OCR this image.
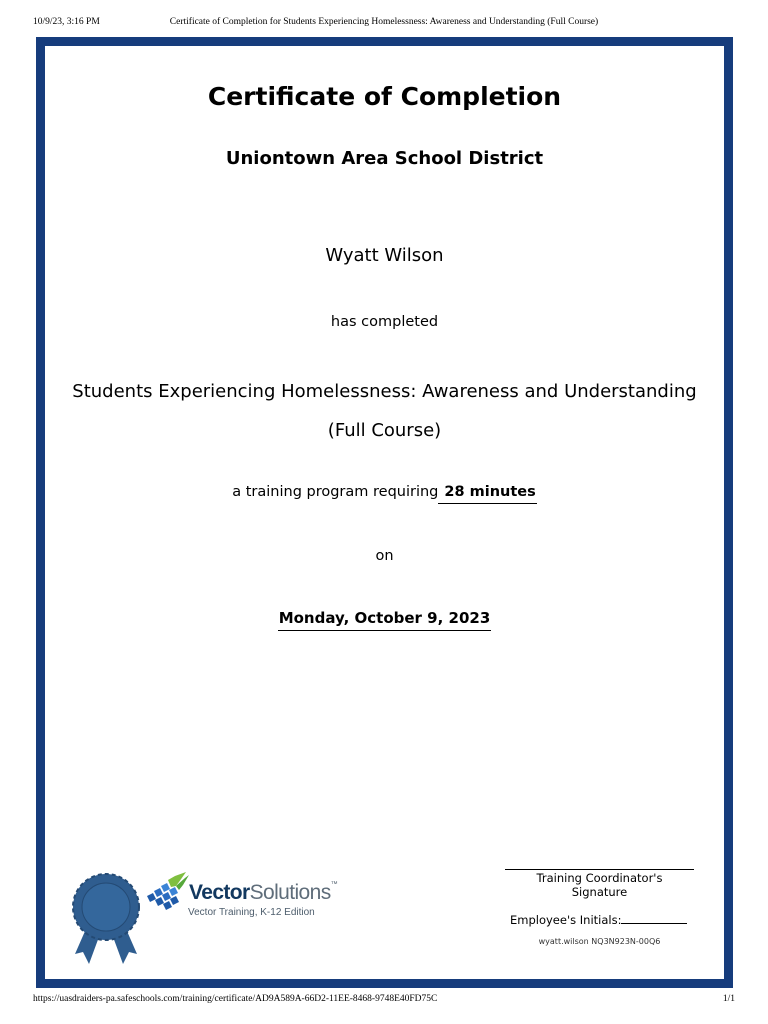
10/9/23, 3:16 PM	Certificate of Completion for Students Experiencing Homelessness: Awareness and Understanding (Full Course)
Certificate of Completion
Uniontown Area School District
Wyatt Wilson
has completed
Students Experiencing Homelessness: Awareness and Understanding
(Full Course)
a training program requiring 28 minutes
on
Monday, October 9, 2023
VectorSolutions™
Vector Training, K-12 Edition
Training Coordinator's
Signature
Employee's Initials:
wyatt.wilson NQ3N923N-00Q6
https://uasdraiders-pa.safeschools.com/training/certificate/AD9A589A-66D2-11EE-8468-9748E40FD75C	1/1
